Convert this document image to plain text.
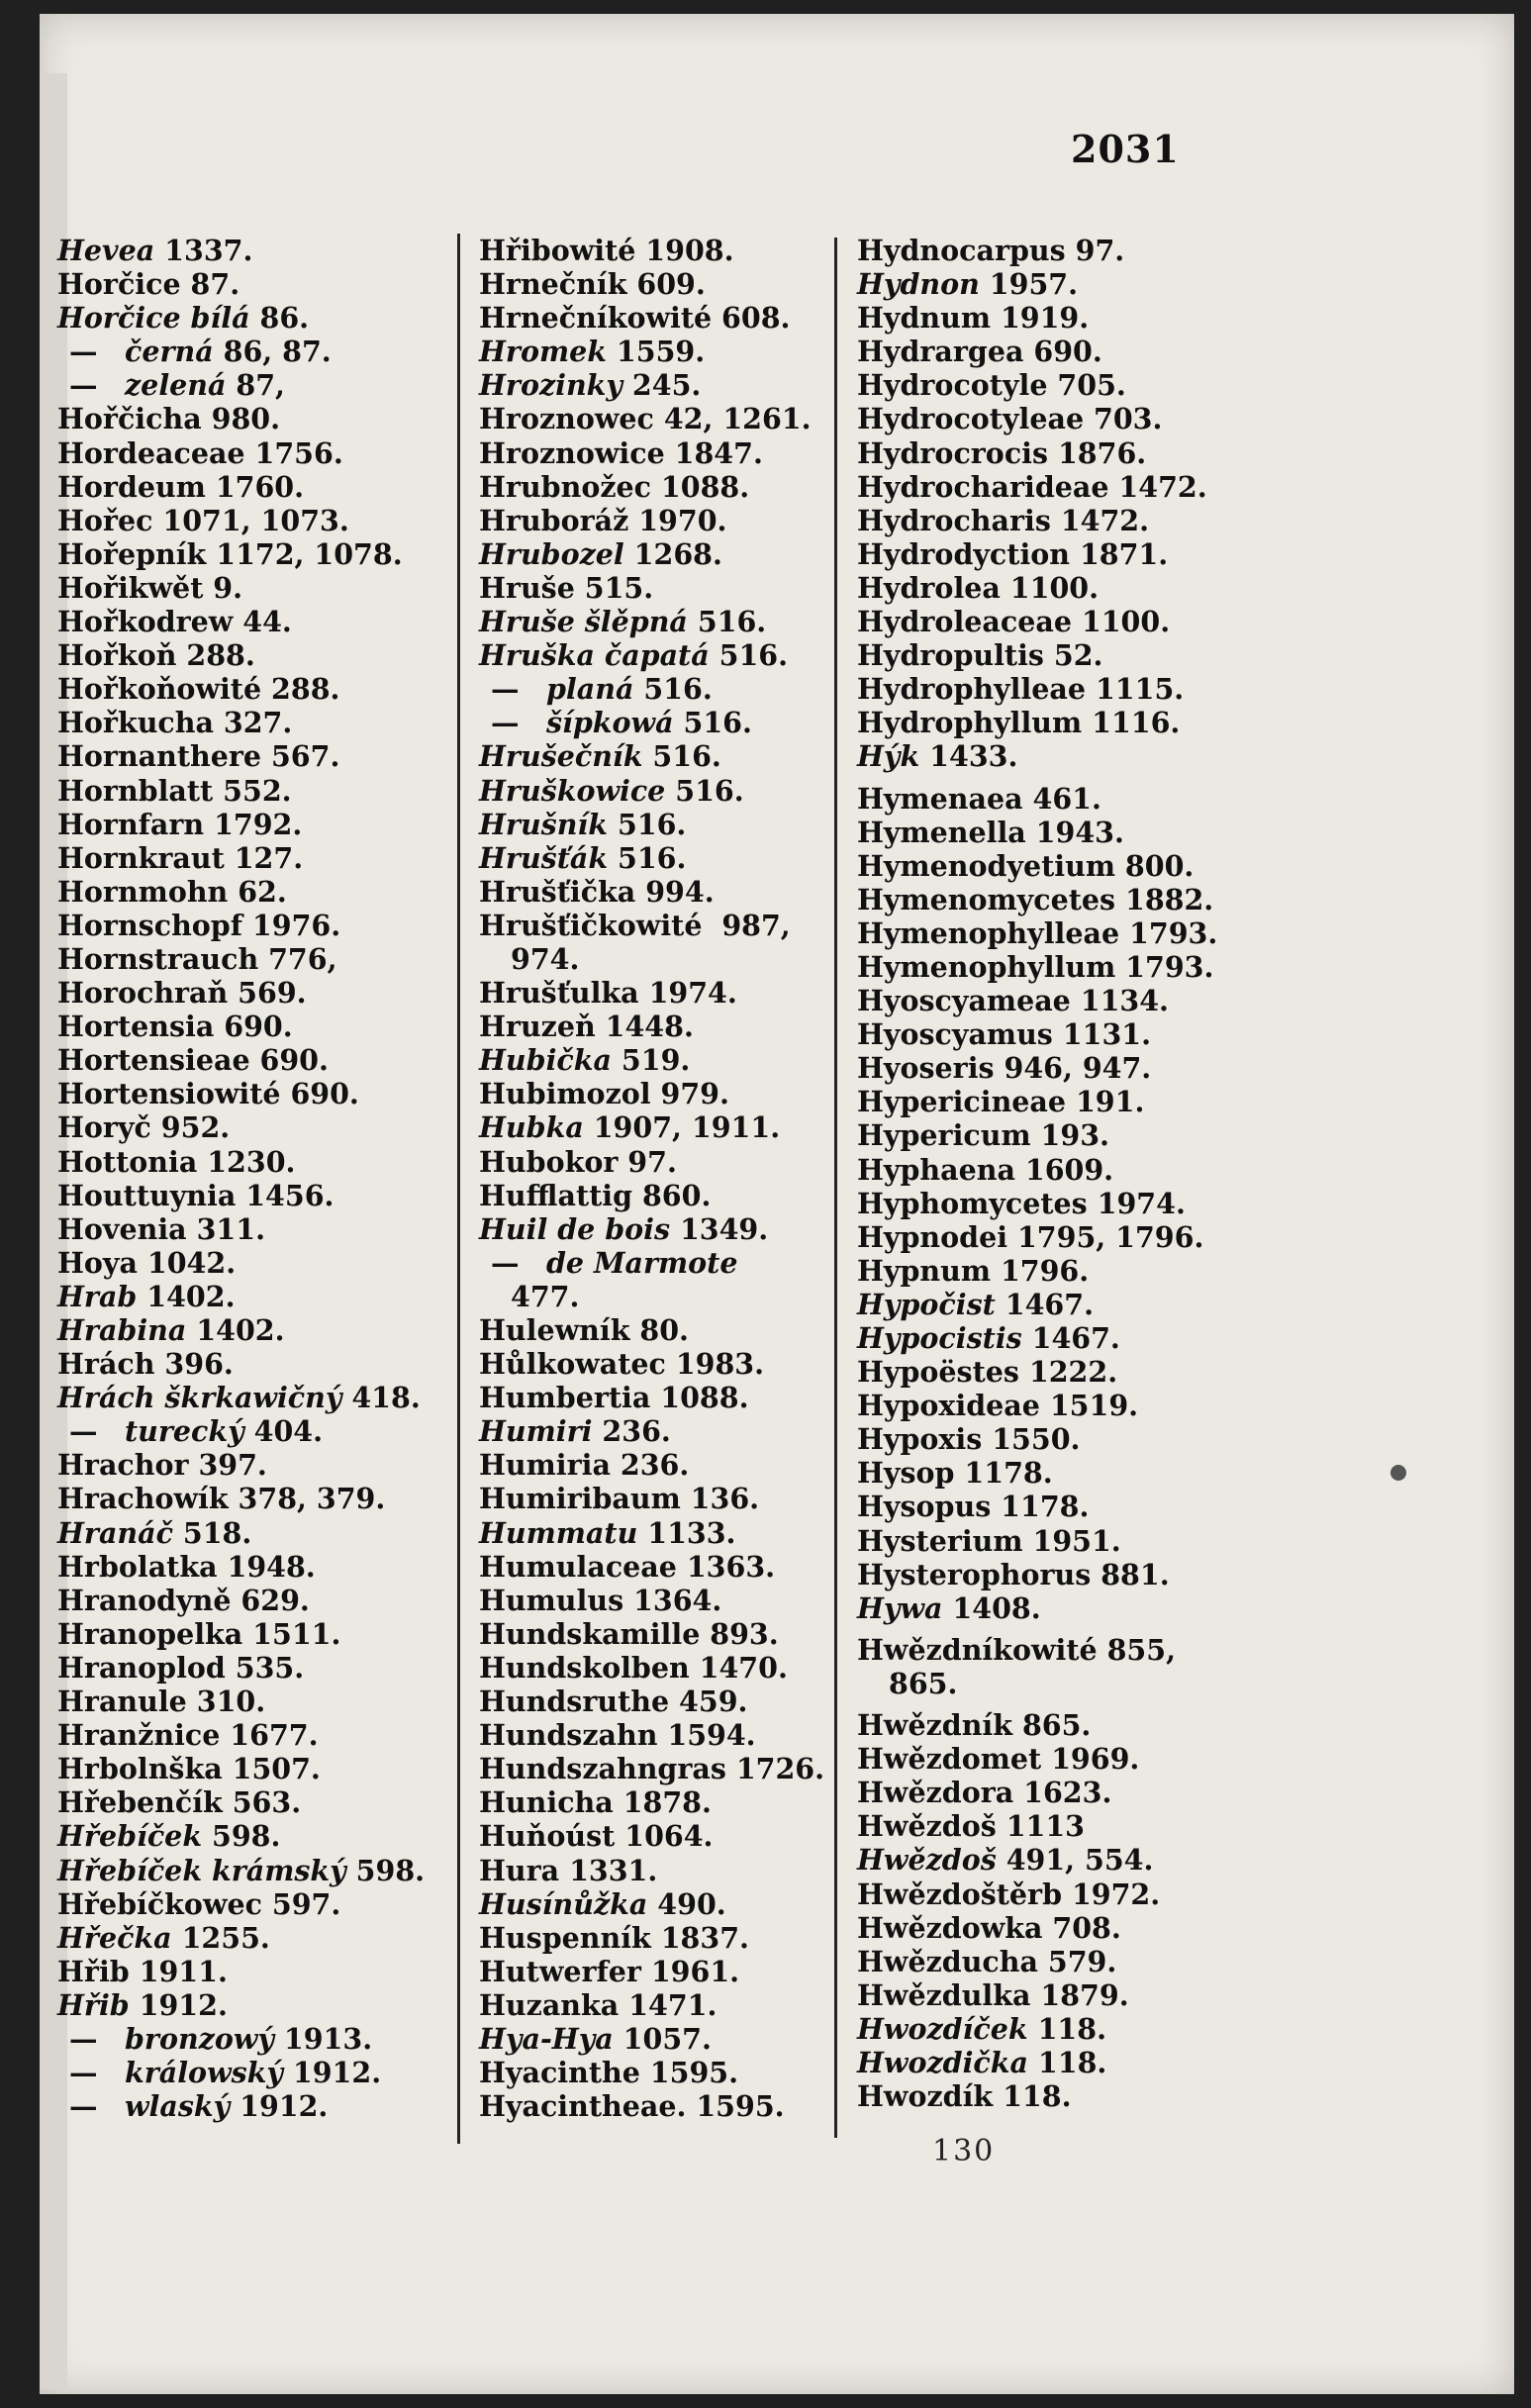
2031
Hevea 1337.
Horčice 87.
Horčice bílá 86.
— černá 86, 87.
— zelená 87,
Hořčicha 980.
Hordeaceae 1756.
Hordeum 1760.
Hořec 1071, 1073.
Hořepník 1172, 1078.
Hořikwět 9.
Hořkodrew 44.
Hořkoň 288.
Hořkoňowité 288.
Hořkucha 327.
Hornanthere 567.
Hornblatt 552.
Hornfarn 1792.
Hornkraut 127.
Hornmohn 62.
Hornschopf 1976.
Hornstrauch 776,
Horochraň 569.
Hortensia 690.
Hortensieae 690.
Hortensiowité 690.
Horyč 952.
Hottonia 1230.
Houttuynia 1456.
Hovenia 311.
Hoya 1042.
Hrab 1402.
Hrabina 1402.
Hrách 396.
Hrách škrkawičný 418.
— turecký 404.
Hrachor 397.
Hrachowík 378, 379.
Hranáč 518.
Hrbolatka 1948.
Hranodyně 629.
Hranopelka 1511.
Hranoplod 535.
Hranule 310.
Hranžnice 1677.
Hrbolnška 1507.
Hřebenčík 563.
Hřebíček 598.
Hřebíček krámský 598.
Hřebíčkowec 597.
Hřečka 1255.
Hřib 1911.
Hřib 1912.
— bronzowý 1913.
— králowský 1912.
— wlaský 1912.
Hřibowité 1908.
Hrnečník 609.
Hrnečníkowité 608.
Hromek 1559.
Hrozinky 245.
Hroznowec 42, 1261.
Hroznowice 1847.
Hrubnožec 1088.
Hruboráž 1970.
Hrubozel 1268.
Hruše 515.
Hruše šlěpná 516.
Hruška čapatá 516.
— planá 516.
— šípkowá 516.
Hrušečník 516.
Hruškowice 516.
Hrušník 516.
Hrušťák 516.
Hrušťička 994.
Hrušťičkowité  987,
974.
Hrušťulka 1974.
Hruzeň 1448.
Hubička 519.
Hubimozol 979.
Hubka 1907, 1911.
Hubokor 97.
Hufflattig 860.
Huil de bois 1349.
— de Marmote
477.
Hulewník 80.
Hůlkowatec 1983.
Humbertia 1088.
Humiri 236.
Humiria 236.
Humiribaum 136.
Hummatu 1133.
Humulaceae 1363.
Humulus 1364.
Hundskamille 893.
Hundskolben 1470.
Hundsruthe 459.
Hundszahn 1594.
Hundszahngras 1726.
Hunicha 1878.
Huňoúst 1064.
Hura 1331.
Husínůžka 490.
Huspenník 1837.
Hutwerfer 1961.
Huzanka 1471.
Hya-Hya 1057.
Hyacinthe 1595.
Hyacintheae. 1595.
Hydnocarpus 97.
Hydnon 1957.
Hydnum 1919.
Hydrargea 690.
Hydrocotyle 705.
Hydrocotyleae 703.
Hydrocrocis 1876.
Hydrocharideae 1472.
Hydrocharis 1472.
Hydrodyction 1871.
Hydrolea 1100.
Hydroleaceae 1100.
Hydropultis 52.
Hydrophylleae 1115.
Hydrophyllum 1116.
Hýk 1433.
Hymenaea 461.
Hymenella 1943.
Hymenodyetium 800.
Hymenomycetes 1882.
Hymenophylleae 1793.
Hymenophyllum 1793.
Hyoscyameae 1134.
Hyoscyamus 1131.
Hyoseris 946, 947.
Hypericineae 191.
Hypericum 193.
Hyphaena 1609.
Hyphomycetes 1974.
Hypnodei 1795, 1796.
Hypnum 1796.
Hypočist 1467.
Hypocistis 1467.
Hypoëstes 1222.
Hypoxideae 1519.
Hypoxis 1550.
Hysop 1178.
Hysopus 1178.
Hysterium 1951.
Hysterophorus 881.
Hywa 1408.
Hwězdníkowité 855,
865.
Hwězdník 865.
Hwězdomet 1969.
Hwězdora 1623.
Hwězdoš 1113
Hwězdoš 491, 554.
Hwězdoštěrb 1972.
Hwězdowka 708.
Hwězducha 579.
Hwězdulka 1879.
Hwozdíček 118.
Hwozdička 118.
Hwozdík 118.
130
